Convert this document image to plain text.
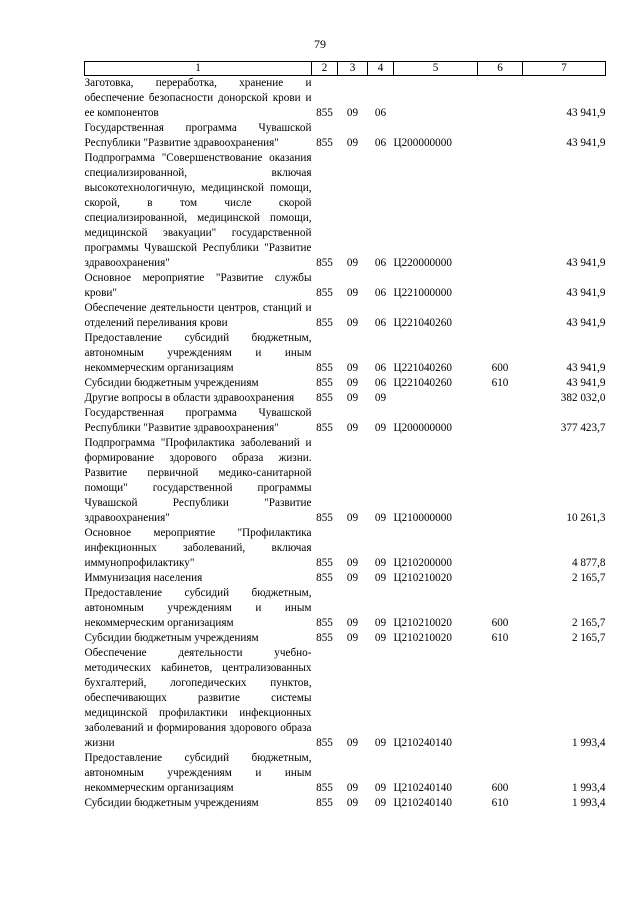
79
1	2	3	4	5	6	7
Заготовка, переработка, хранение и обеспечение безопасности донорской крови и ее компонентов	855	09	06			43 941,9
Государственная программа Чувашской Республики "Развитие здравоохранения"	855	09	06	Ц200000000		43 941,9
Подпрограмма "Совершенствование оказания специализированной, включая высокотехнологичную, медицинской помощи, скорой, в том числе скорой специализированной, медицинской помощи, медицинской эвакуации" государственной программы Чувашской Республики "Развитие здравоохранения"	855	09	06	Ц220000000		43 941,9
Основное мероприятие "Развитие службы крови"	855	09	06	Ц221000000		43 941,9
Обеспечение деятельности центров, станций и отделений переливания крови	855	09	06	Ц221040260		43 941,9
Предоставление субсидий бюджетным, автономным учреждениям и иным некоммерческим организациям	855	09	06	Ц221040260	600	43 941,9
Субсидии бюджетным учреждениям	855	09	06	Ц221040260	610	43 941,9
Другие вопросы в области здравоохранения	855	09	09			382 032,0
Государственная программа Чувашской Республики "Развитие здравоохранения"	855	09	09	Ц200000000		377 423,7
Подпрограмма "Профилактика заболеваний и формирование здорового образа жизни. Развитие первичной медико-санитарной помощи" государственной программы Чувашской Республики "Развитие здравоохранения"	855	09	09	Ц210000000		10 261,3
Основное мероприятие "Профилактика инфекционных заболеваний, включая иммунопрофилактику"	855	09	09	Ц210200000		4 877,8
Иммунизация населения	855	09	09	Ц210210020		2 165,7
Предоставление субсидий бюджетным, автономным учреждениям и иным некоммерческим организациям	855	09	09	Ц210210020	600	2 165,7
Субсидии бюджетным учреждениям	855	09	09	Ц210210020	610	2 165,7
Обеспечение деятельности учебно-методических кабинетов, централизованных бухгалтерий, логопедических пунктов, обеспечивающих развитие системы медицинской профилактики инфекционных заболеваний и формирования здорового образа жизни	855	09	09	Ц210240140		1 993,4
Предоставление субсидий бюджетным, автономным учреждениям и иным некоммерческим организациям	855	09	09	Ц210240140	600	1 993,4
Субсидии бюджетным учреждениям	855	09	09	Ц210240140	610	1 993,4
